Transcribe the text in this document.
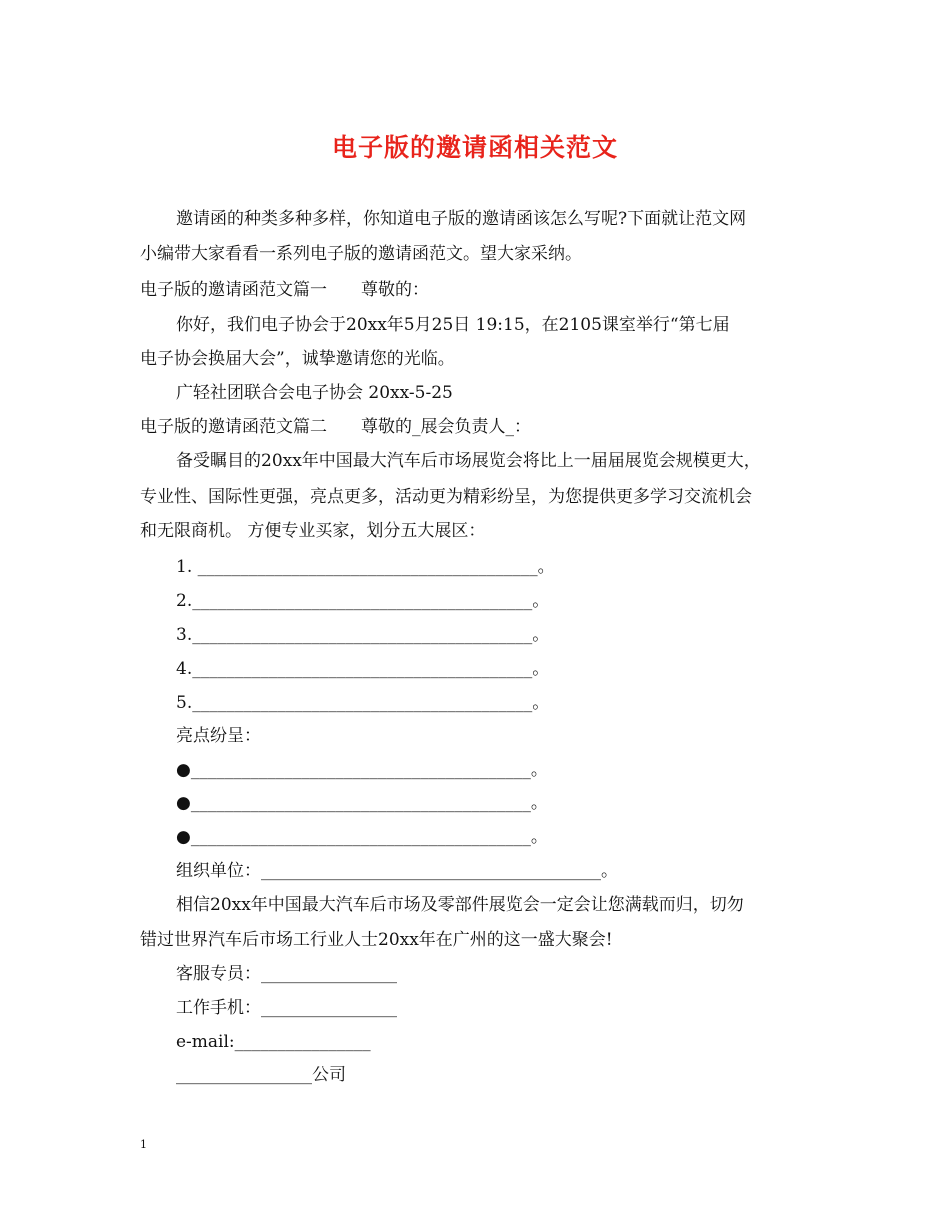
电子版的邀请函相关范文
邀请函的种类多种多样，你知道电子版的邀请函该怎么写呢?下面就让范文网
小编带大家看看一系列电子版的邀请函范文。望大家采纳。
电子版的邀请函范文篇一　　尊敬的：
你好，我们电子协会于20xx年5月25日 19:15，在2105课室举行“第七届
电子协会换届大会”，诚挚邀请您的光临。
广轻社团联合会电子协会 20xx-5-25
电子版的邀请函范文篇二　　尊敬的_展会负责人_：
备受瞩目的20xx年中国最大汽车后市场展览会将比上一届届展览会规模更大，
专业性、国际性更强，亮点更多，活动更为精彩纷呈，为您提供更多学习交流机会
和无限商机。 方便专业买家，划分五大展区：
1. ________________________________________。
2.________________________________________。
3.________________________________________。
4.________________________________________。
5.________________________________________。
亮点纷呈：
●________________________________________。
●________________________________________。
●________________________________________。
组织单位：________________________________________。
相信20xx年中国最大汽车后市场及零部件展览会一定会让您满载而归，切勿
错过世界汽车后市场工行业人士20xx年在广州的这一盛大聚会!
客服专员：________________
工作手机：________________
e-mail:________________
________________公司
1
